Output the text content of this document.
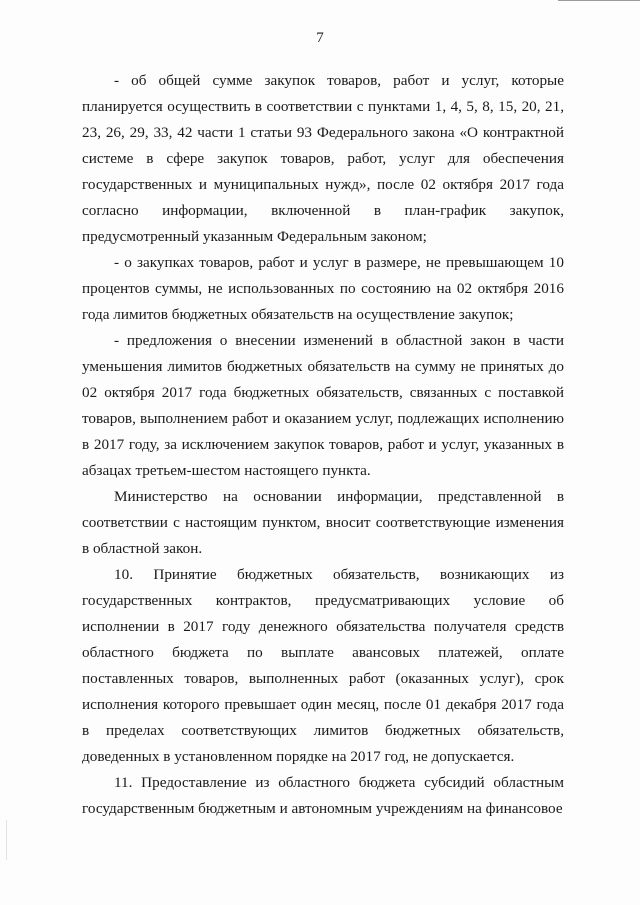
7

- об общей сумме закупок товаров, работ и услуг, которые планируется осуществить в соответствии с пунктами 1, 4, 5, 8, 15, 20, 21, 23, 26, 29, 33, 42 части 1 статьи 93 Федерального закона «О контрактной системе в сфере закупок товаров, работ, услуг для обеспечения государственных и муниципальных нужд», после 02 октября 2017 года согласно информации, включенной в план-график закупок, предусмотренный указанным Федеральным законом;

- о закупках товаров, работ и услуг в размере, не превышающем 10 процентов суммы, не использованных по состоянию на 02 октября 2016 года лимитов бюджетных обязательств на осуществление закупок;

- предложения о внесении изменений в областной закон в части уменьшения лимитов бюджетных обязательств на сумму не принятых до 02 октября 2017 года бюджетных обязательств, связанных с поставкой товаров, выполнением работ и оказанием услуг, подлежащих исполнению в 2017 году, за исключением закупок товаров, работ и услуг, указанных в абзацах третьем-шестом настоящего пункта.

Министерство на основании информации, представленной в соответствии с настоящим пунктом, вносит соответствующие изменения в областной закон.

10. Принятие бюджетных обязательств, возникающих из государственных контрактов, предусматривающих условие об исполнении в 2017 году денежного обязательства получателя средств областного бюджета по выплате авансовых платежей, оплате поставленных товаров, выполненных работ (оказанных услуг), срок исполнения которого превышает один месяц, после 01 декабря 2017 года в пределах соответствующих лимитов бюджетных обязательств, доведенных в установленном порядке на 2017 год, не допускается.

11. Предоставление из областного бюджета субсидий областным государственным бюджетным и автономным учреждениям на финансовое
